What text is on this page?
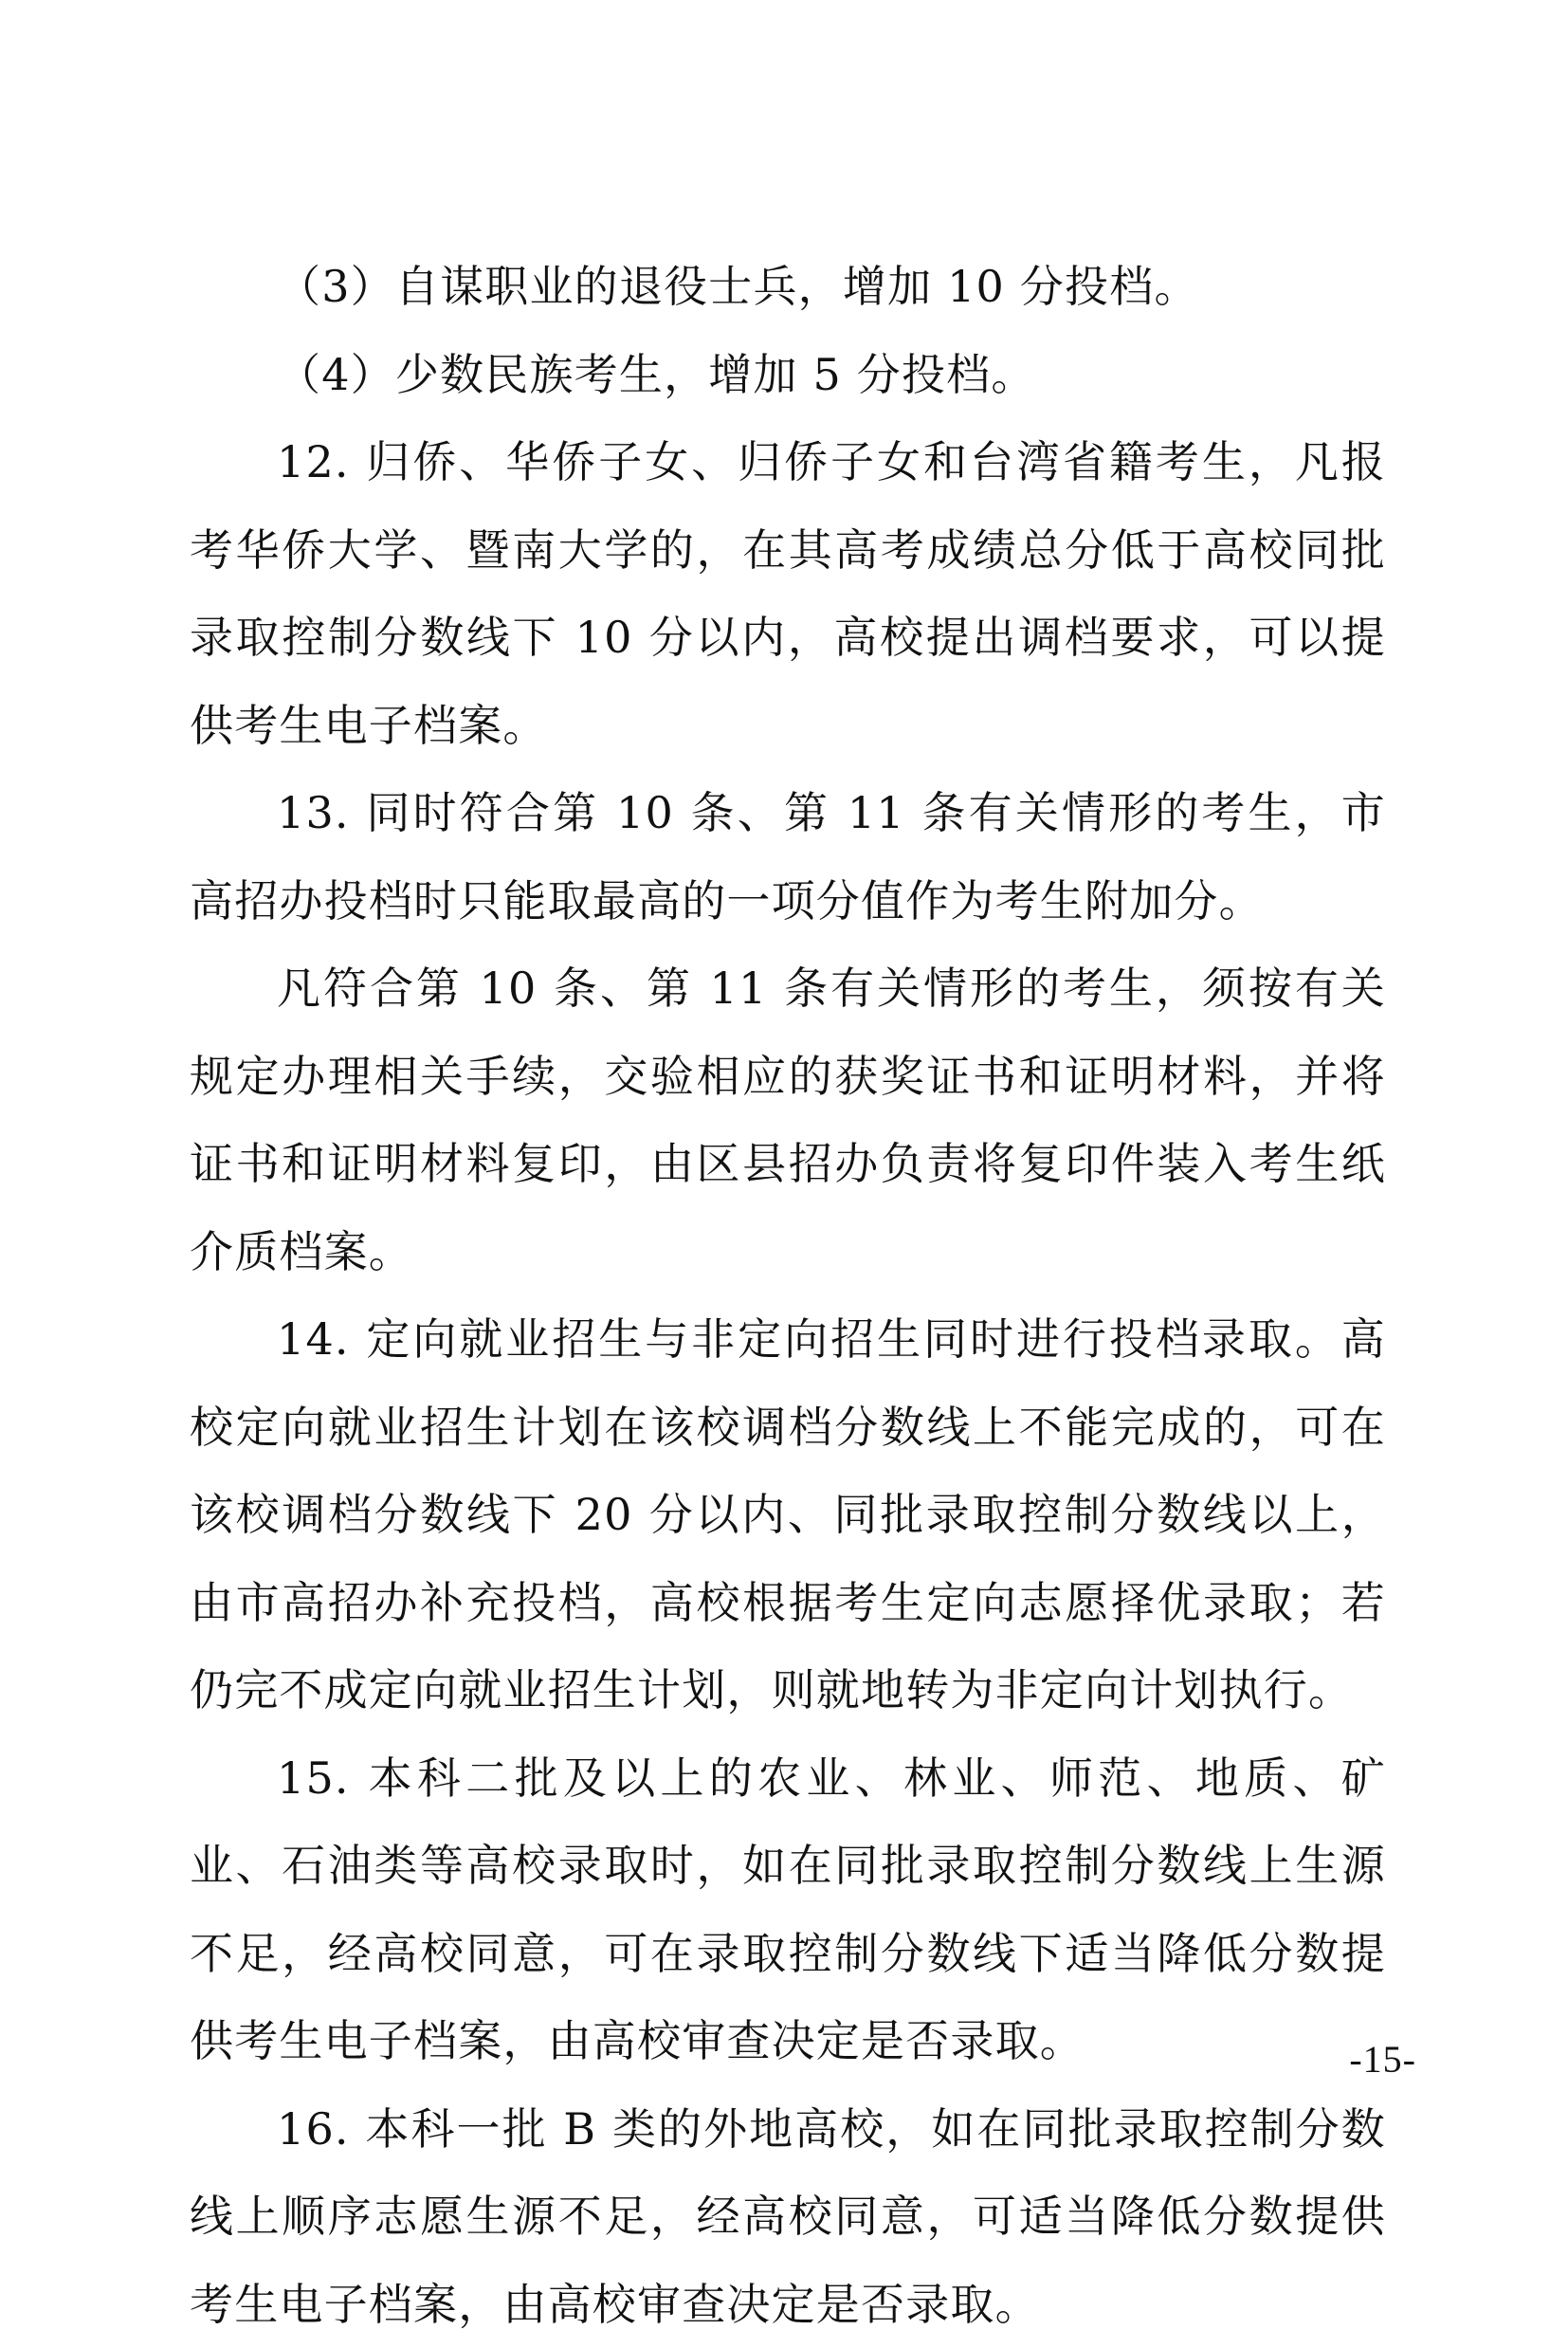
（3）自谋职业的退役士兵，增加 10 分投档。

（4）少数民族考生，增加 5 分投档。

12. 归侨、华侨子女、归侨子女和台湾省籍考生，凡报考华侨大学、暨南大学的，在其高考成绩总分低于高校同批录取控制分数线下 10 分以内，高校提出调档要求，可以提供考生电子档案。

13. 同时符合第 10 条、第 11 条有关情形的考生，市高招办投档时只能取最高的一项分值作为考生附加分。

凡符合第 10 条、第 11 条有关情形的考生，须按有关规定办理相关手续，交验相应的获奖证书和证明材料，并将证书和证明材料复印，由区县招办负责将复印件装入考生纸介质档案。

14. 定向就业招生与非定向招生同时进行投档录取。高校定向就业招生计划在该校调档分数线上不能完成的，可在该校调档分数线下 20 分以内、同批录取控制分数线以上，由市高招办补充投档，高校根据考生定向志愿择优录取；若仍完不成定向就业招生计划，则就地转为非定向计划执行。

15. 本科二批及以上的农业、林业、师范、地质、矿业、石油类等高校录取时，如在同批录取控制分数线上生源不足，经高校同意，可在录取控制分数线下适当降低分数提供考生电子档案，由高校审查决定是否录取。

16. 本科一批 B 类的外地高校，如在同批录取控制分数线上顺序志愿生源不足，经高校同意，可适当降低分数提供考生电子档案，由高校审查决定是否录取。

-15-
